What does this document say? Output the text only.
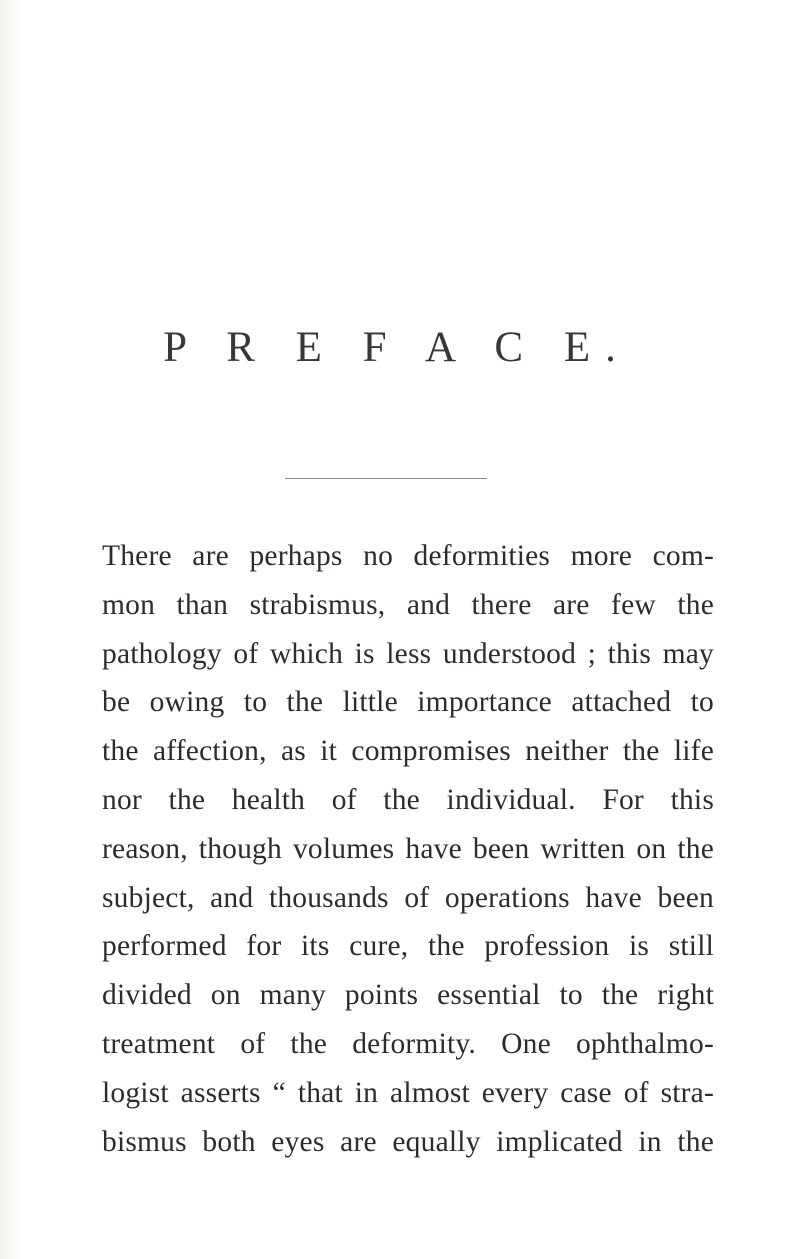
P R E F A C E.
There are perhaps no deformities more com-
mon than strabismus, and there are few the
pathology of which is less understood ; this may
be owing to the little importance attached to
the affection, as it compromises neither the life
nor the health of the individual. For this
reason, though volumes have been written on the
subject, and thousands of operations have been
performed for its cure, the profession is still
divided on many points essential to the right
treatment of the deformity. One ophthalmo-
logist asserts “ that in almost every case of stra-
bismus both eyes are equally implicated in the
